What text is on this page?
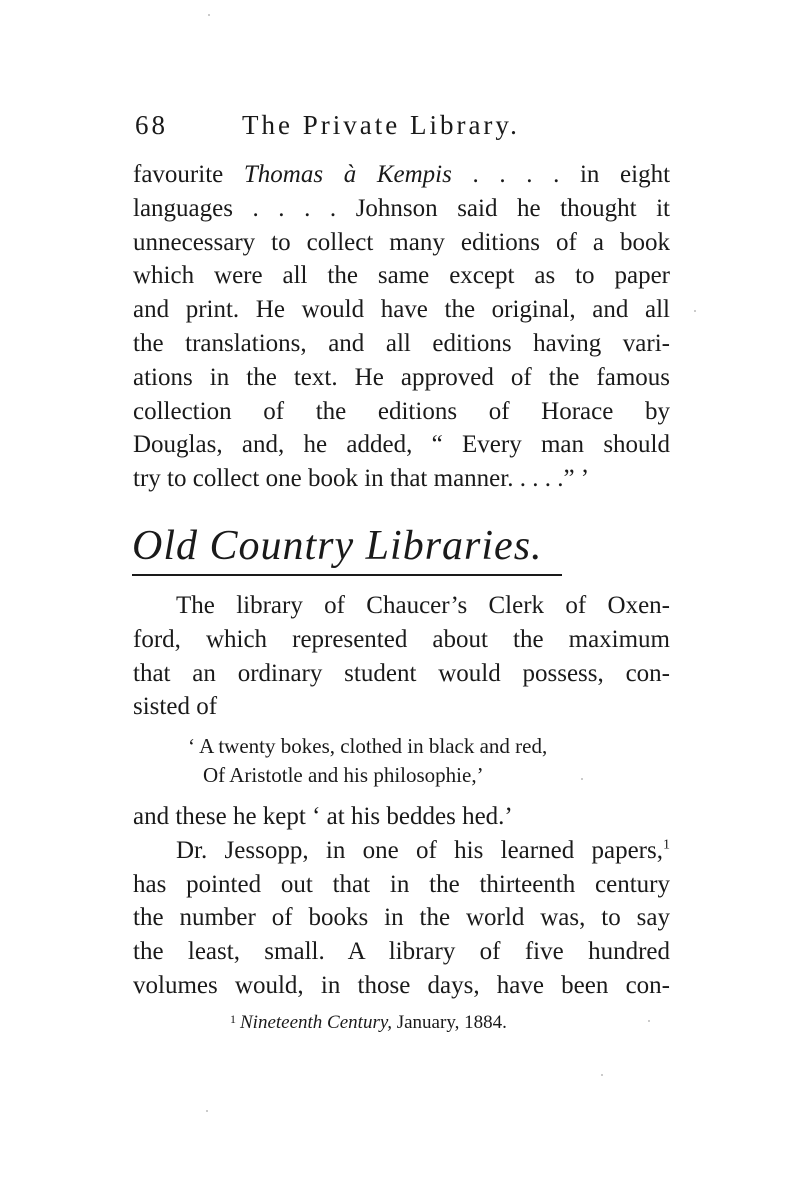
68	The Private Library.
favourite Thomas à Kempis . . . . in eight
languages . . . . Johnson said he thought it
unnecessary to collect many editions of a book
which were all the same except as to paper
and print. He would have the original, and all
the translations, and all editions having vari-
ations in the text. He approved of the famous
collection of the editions of Horace by
Douglas, and, he added, “ Every man should
try to collect one book in that manner. . . . .” ’
Old Country Libraries.
The library of Chaucer’s Clerk of Oxen-
ford, which represented about the maximum
that an ordinary student would possess, con-
sisted of
‘ A twenty bokes, clothed in black and red,
Of Aristotle and his philosophie,’
and these he kept ‘ at his beddes hed.’
Dr. Jessopp, in one of his learned papers,$^1$
has pointed out that in the thirteenth century
the number of books in the world was, to say
the least, small. A library of five hundred
volumes would, in those days, have been con-
$^1$ Nineteenth Century, January, 1884.
